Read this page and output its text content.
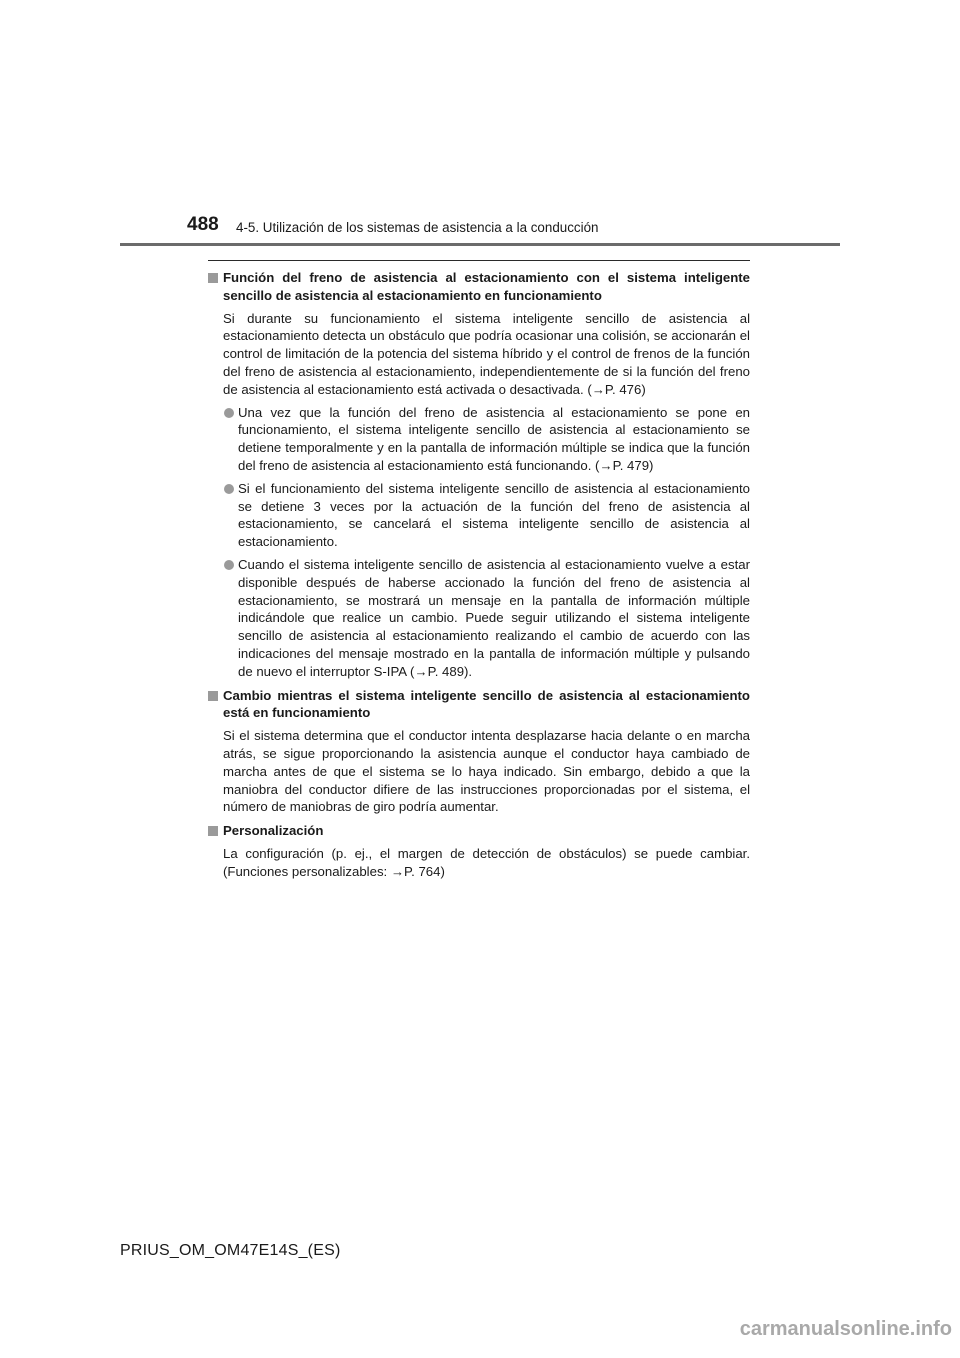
488 4-5. Utilización de los sistemas de asistencia a la conducción
Función del freno de asistencia al estacionamiento con el sistema inteligente sencillo de asistencia al estacionamiento en funcionamiento

Si durante su funcionamiento el sistema inteligente sencillo de asistencia al estacionamiento detecta un obstáculo que podría ocasionar una colisión, se accionarán el control de limitación de la potencia del sistema híbrido y el control de frenos de la función del freno de asistencia al estacionamiento, independientemente de si la función del freno de asistencia al estacionamiento está activada o desactivada. (→P. 476)

Una vez que la función del freno de asistencia al estacionamiento se pone en funcionamiento, el sistema inteligente sencillo de asistencia al estacionamiento se detiene temporalmente y en la pantalla de información múltiple se indica que la función del freno de asistencia al estacionamiento está funcionando. (→P. 479)
Si el funcionamiento del sistema inteligente sencillo de asistencia al estacionamiento se detiene 3 veces por la actuación de la función del freno de asistencia al estacionamiento, se cancelará el sistema inteligente sencillo de asistencia al estacionamiento.
Cuando el sistema inteligente sencillo de asistencia al estacionamiento vuelve a estar disponible después de haberse accionado la función del freno de asistencia al estacionamiento, se mostrará un mensaje en la pantalla de información múltiple indicándole que realice un cambio. Puede seguir utilizando el sistema inteligente sencillo de asistencia al estacionamiento realizando el cambio de acuerdo con las indicaciones del mensaje mostrado en la pantalla de información múltiple y pulsando de nuevo el interruptor S-IPA (→P. 489).
Cambio mientras el sistema inteligente sencillo de asistencia al estacionamiento está en funcionamiento

Si el sistema determina que el conductor intenta desplazarse hacia delante o en marcha atrás, se sigue proporcionando la asistencia aunque el conductor haya cambiado de marcha antes de que el sistema se lo haya indicado. Sin embargo, debido a que la maniobra del conductor difiere de las instrucciones proporcionadas por el sistema, el número de maniobras de giro podría aumentar.

Personalización

La configuración (p. ej., el margen de detección de obstáculos) se puede cambiar. (Funciones personalizables: →P. 764)

PRIUS_OM_OM47E14S_(ES)
carmanualsonline.info
